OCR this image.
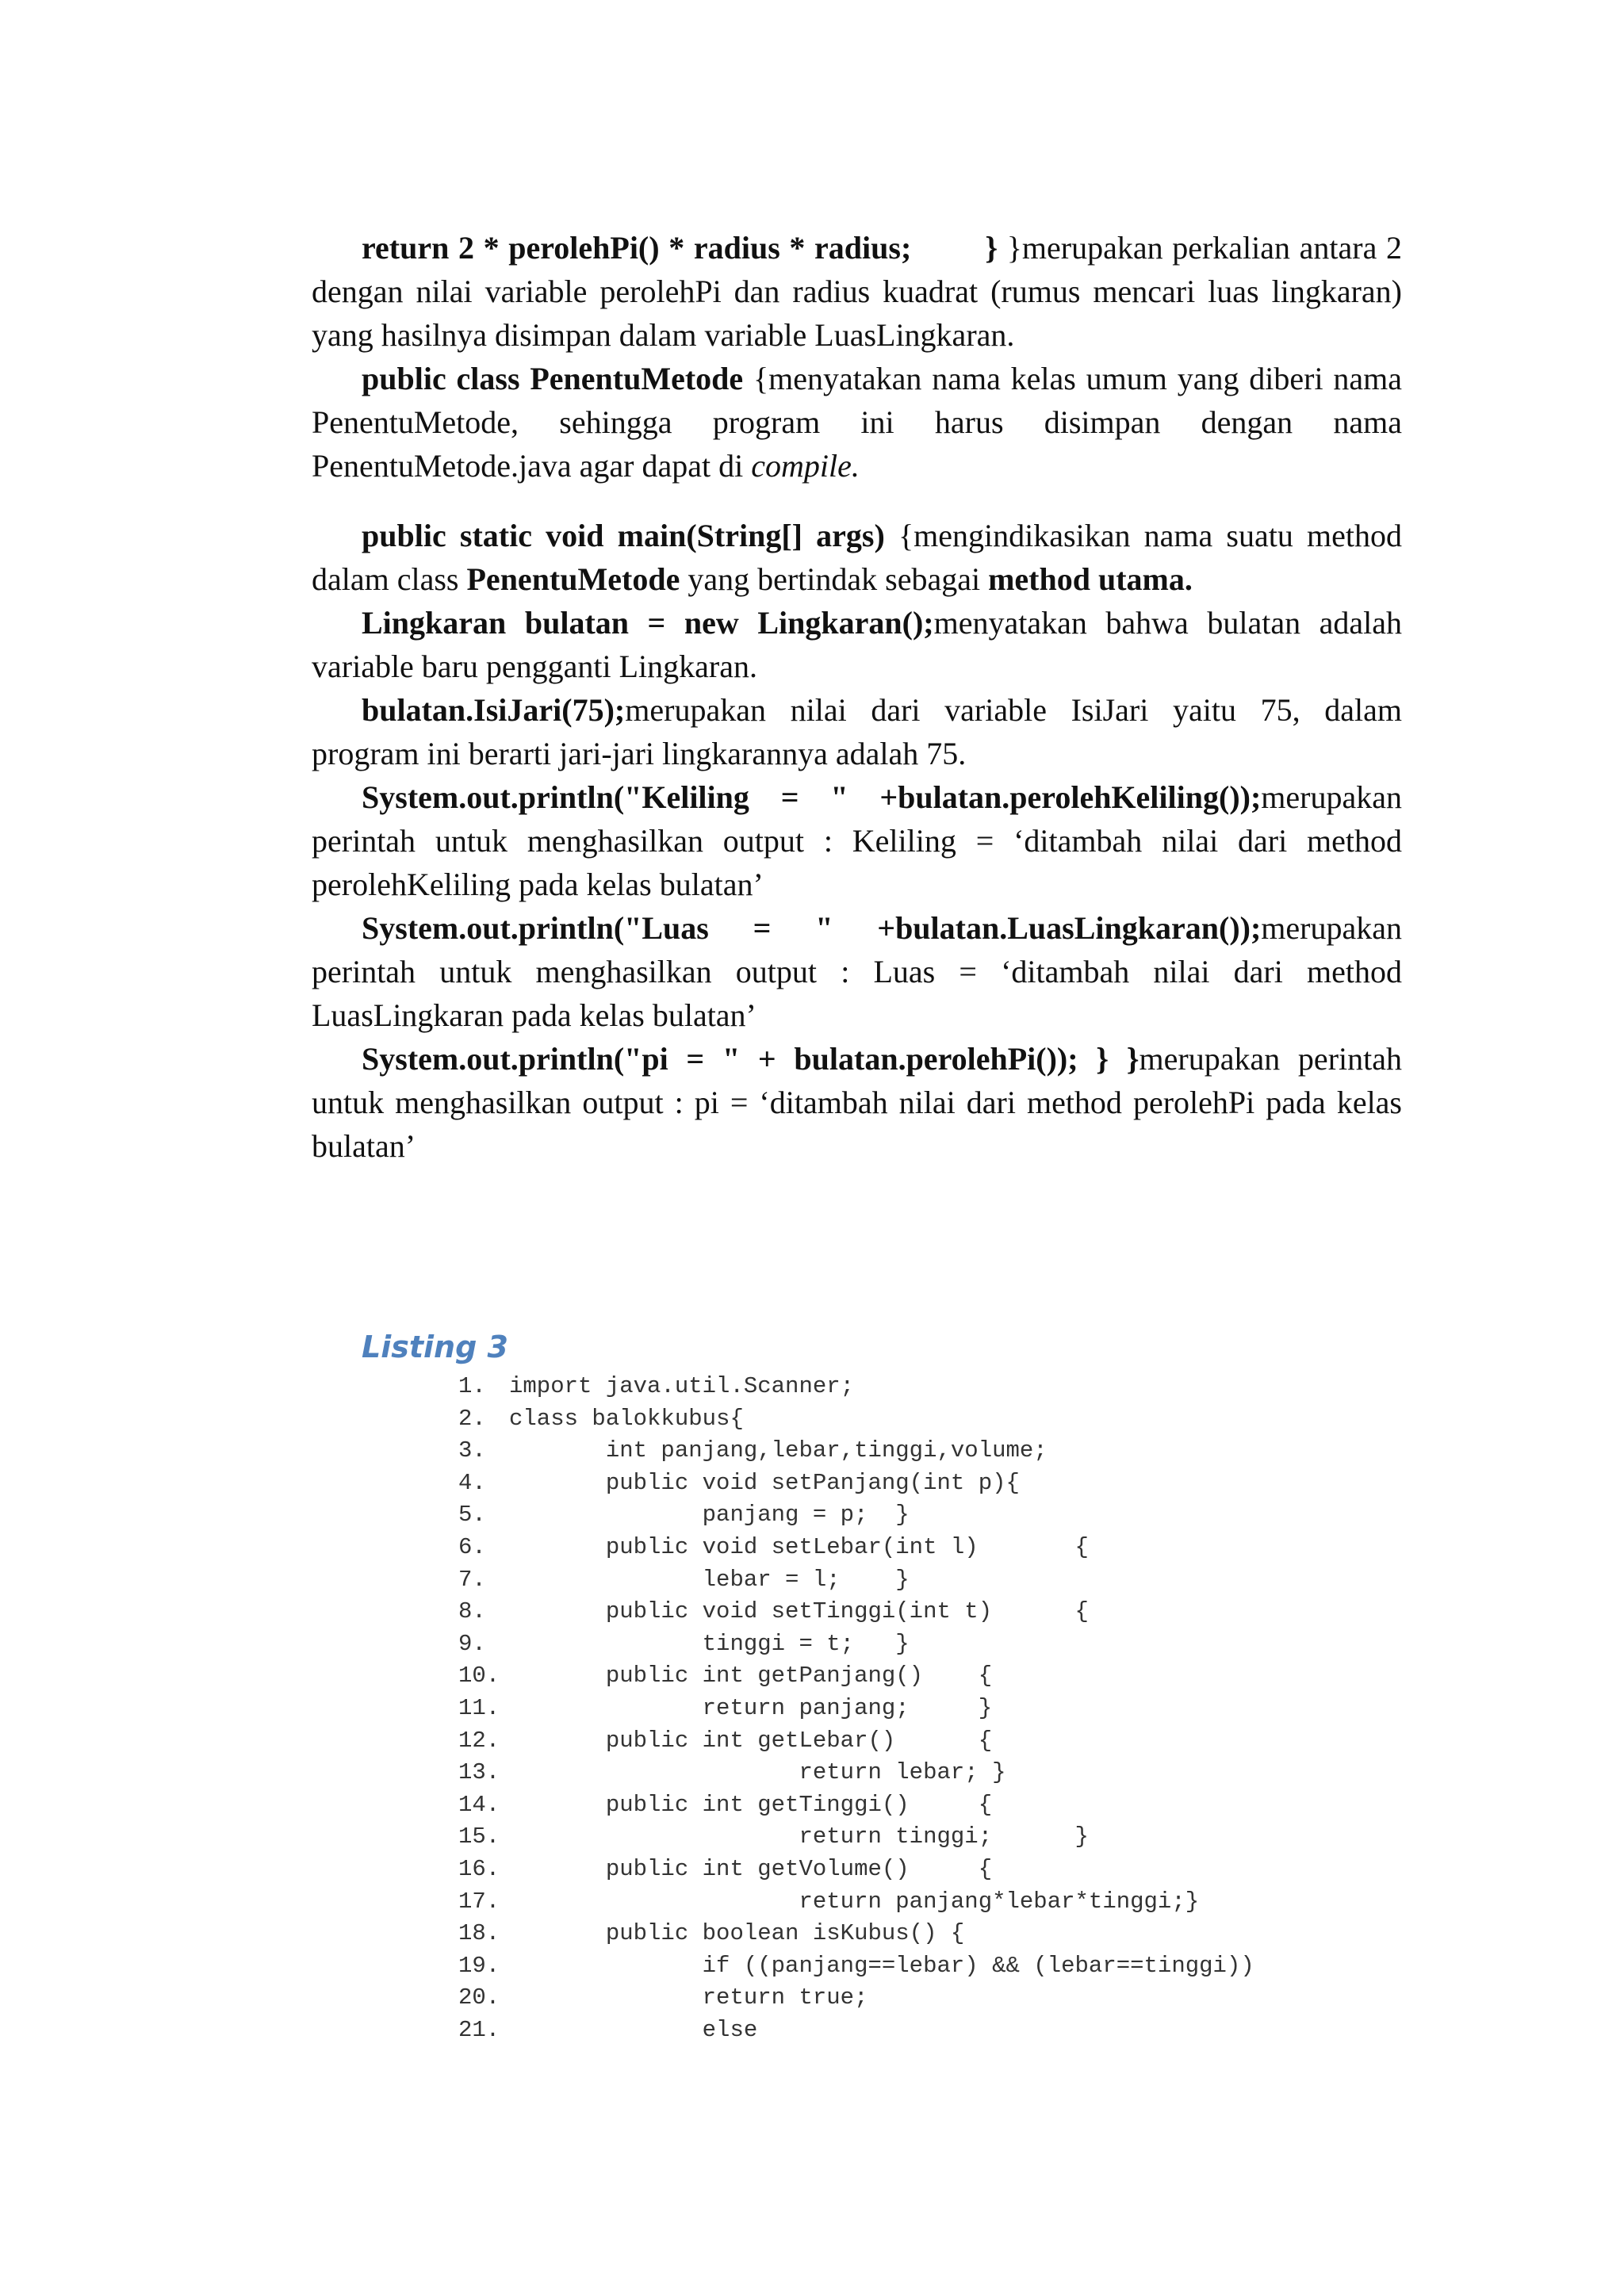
return 2 * perolehPi() * radius * radius; } }merupakan perkalian antara 2 dengan nilai variable perolehPi dan radius kuadrat (rumus mencari luas lingkaran) yang hasilnya disimpan dalam variable LuasLingkaran.

public class PenentuMetode {menyatakan nama kelas umum yang diberi nama PenentuMetode, sehingga program ini harus disimpan dengan nama PenentuMetode.java agar dapat di compile.

public static void main(String[] args) {mengindikasikan nama suatu method dalam class PenentuMetode yang bertindak sebagai method utama.

Lingkaran bulatan = new Lingkaran();menyatakan bahwa bulatan adalah variable baru pengganti Lingkaran.

bulatan.IsiJari(75);merupakan nilai dari variable IsiJari yaitu 75, dalam program ini berarti jari-jari lingkarannya adalah 75.

System.out.println("Keliling = " +bulatan.perolehKeliling());merupakan perintah untuk menghasilkan output : Keliling = ‘ditambah nilai dari method perolehKeliling pada kelas bulatan’

System.out.println("Luas = " +bulatan.LuasLingkaran());merupakan perintah untuk menghasilkan output : Luas = ‘ditambah nilai dari method LuasLingkaran pada kelas bulatan’

System.out.println("pi = " + bulatan.perolehPi()); } }merupakan perintah untuk menghasilkan output : pi = ‘ditambah nilai dari method perolehPi pada kelas bulatan’

Listing 3
1.	import java.util.Scanner;
2.	class balokkubus{
3.	int panjang,lebar,tinggi,volume;
4.	public void setPanjang(int p){
5.	panjang = p;  }
6.	public void setLebar(int l)       {
7.	lebar = l;    }
8.	public void setTinggi(int t)      {
9.	tinggi = t;   }
10. public int getPanjang()    {
11. return panjang;     }
12. public int getLebar()      {
13. return lebar; }
14. public int getTinggi()     {
15. return tinggi;      }
16. public int getVolume()     {
17. return panjang*lebar*tinggi;}
18. public boolean isKubus() {
19. if ((panjang==lebar) && (lebar==tinggi))
20. return true;
21. else
